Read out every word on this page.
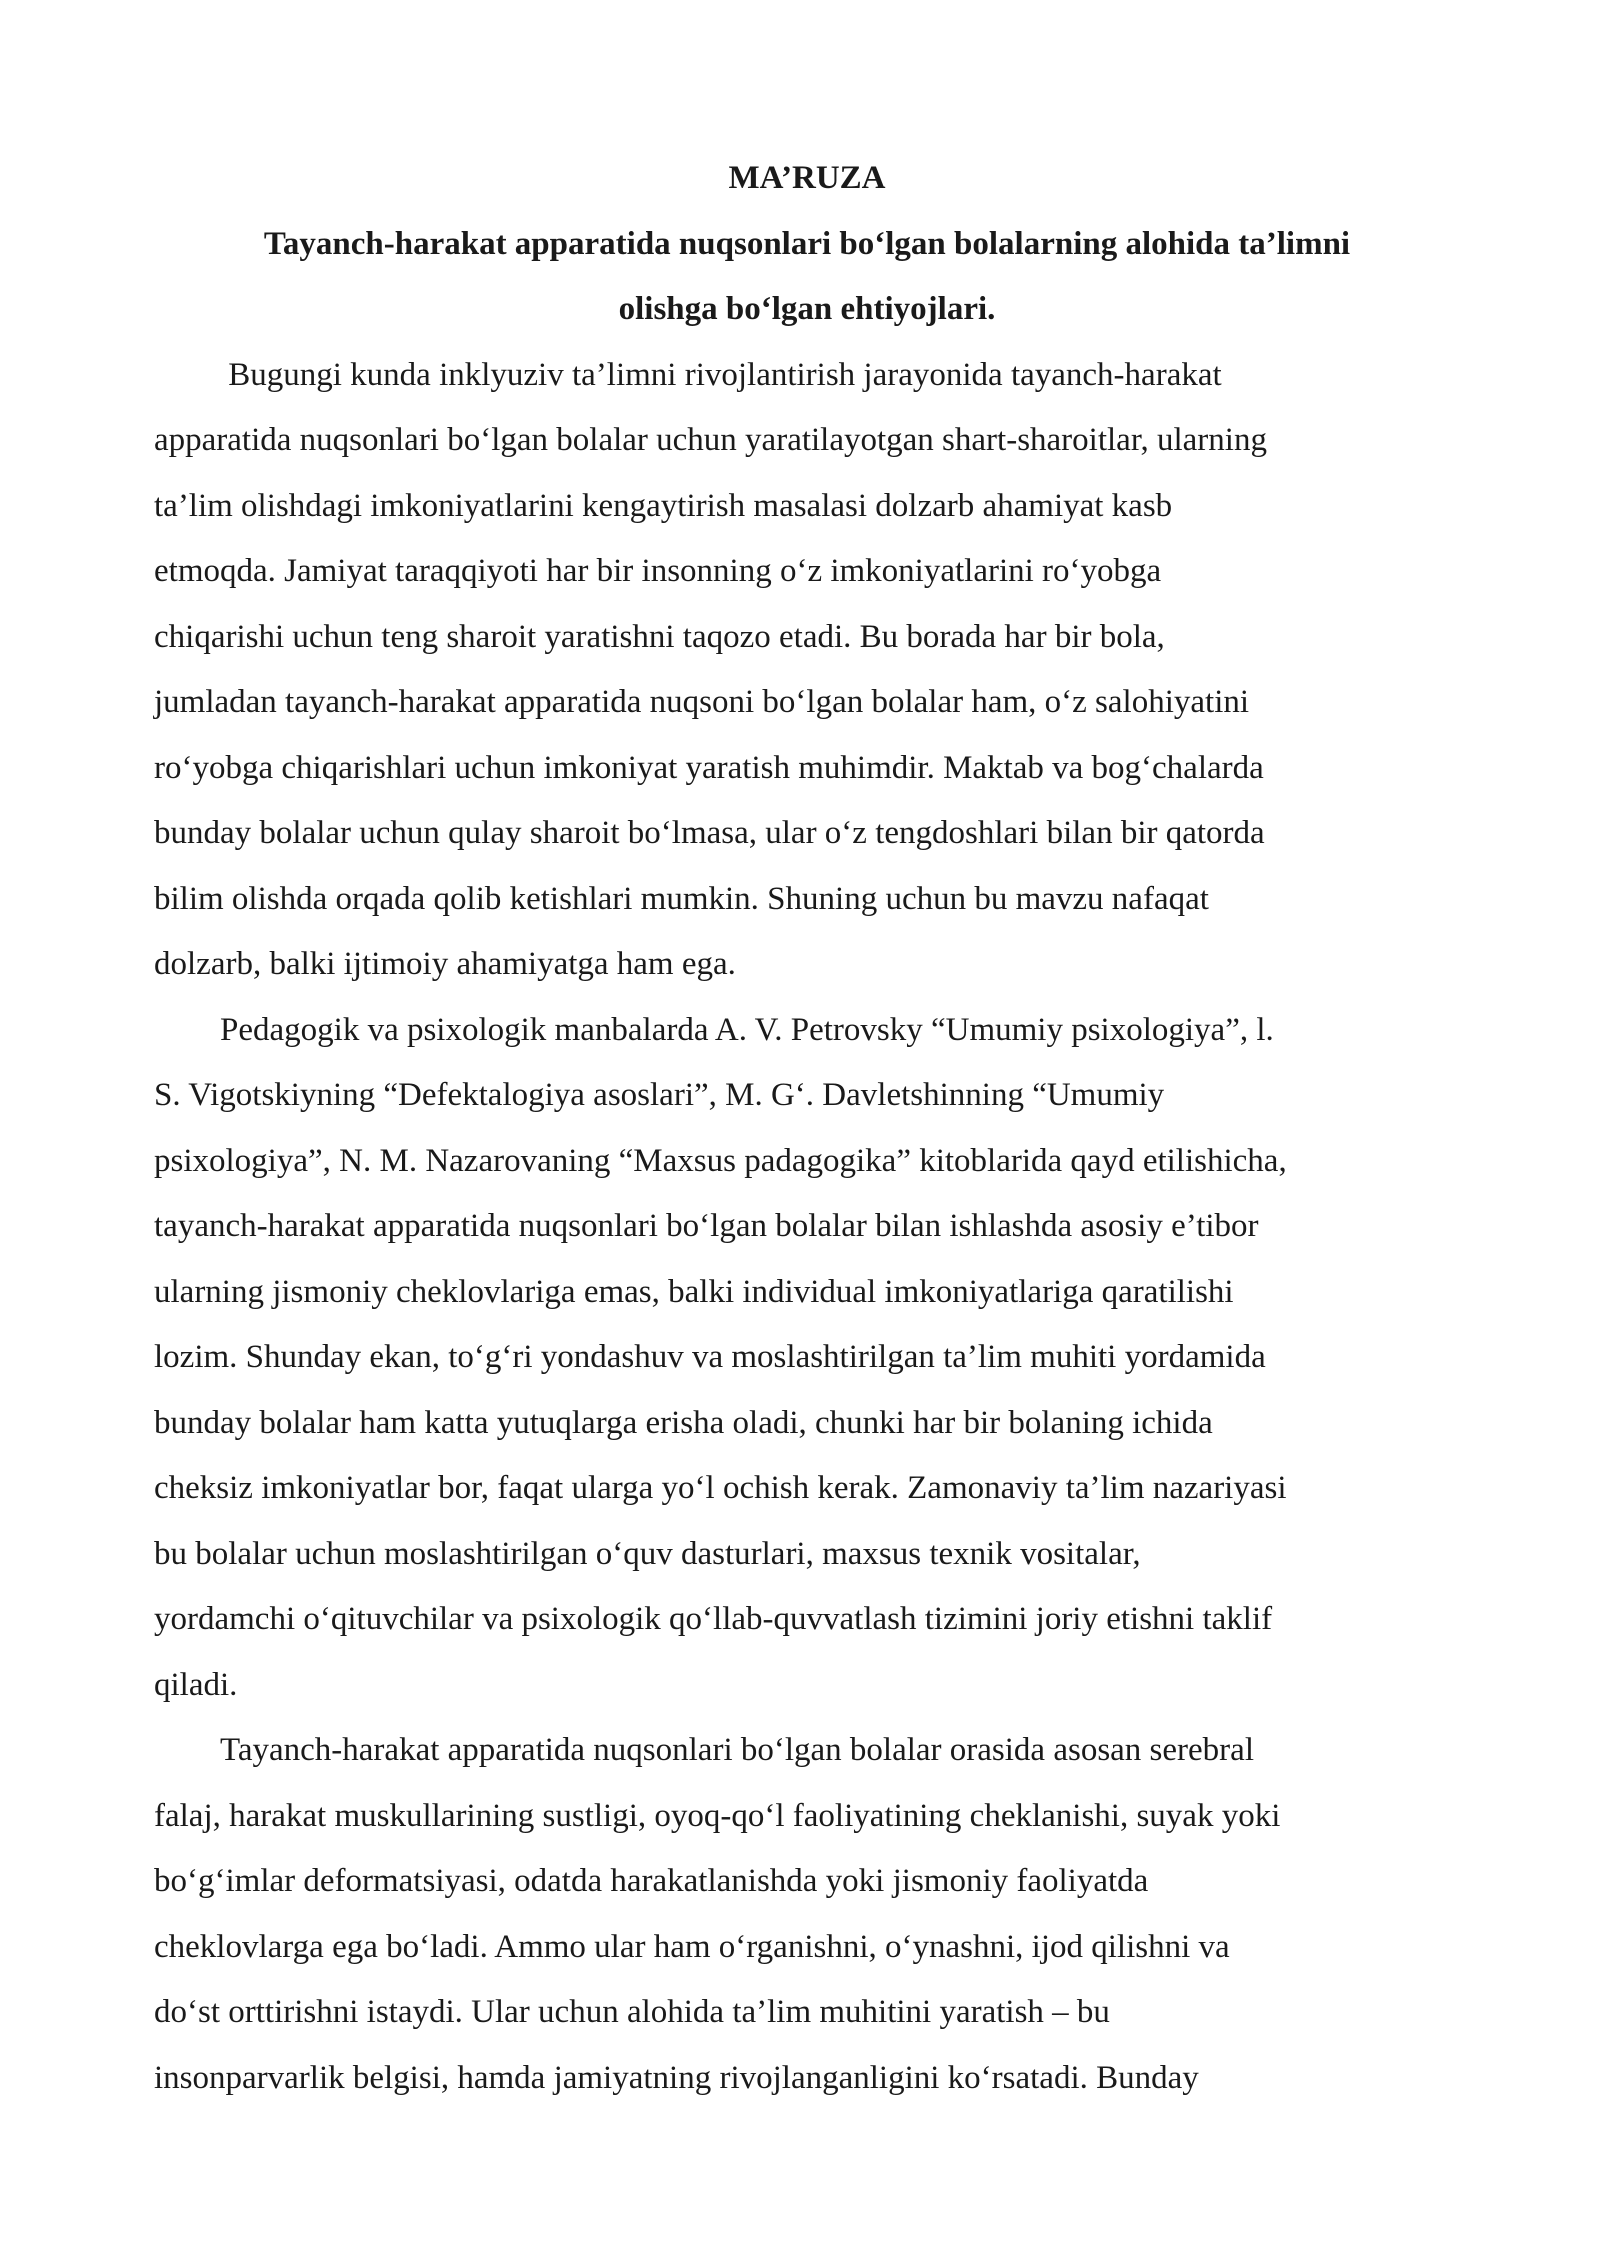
MA’RUZA
Tayanch-harakat apparatida nuqsonlari bo‘lgan bolalarning alohida ta’limni
olishga bo‘lgan ehtiyojlari.
Bugungi kunda inklyuziv ta’limni rivojlantirish jarayonida tayanch-harakat
apparatida nuqsonlari bo‘lgan bolalar uchun yaratilayotgan shart-sharoitlar, ularning
ta’lim olishdagi imkoniyatlarini kengaytirish masalasi dolzarb ahamiyat kasb
etmoqda. Jamiyat taraqqiyoti har bir insonning o‘z imkoniyatlarini ro‘yobga
chiqarishi uchun teng sharoit yaratishni taqozo etadi. Bu borada har bir bola,
jumladan tayanch-harakat apparatida nuqsoni bo‘lgan bolalar ham, o‘z salohiyatini
ro‘yobga chiqarishlari uchun imkoniyat yaratish muhimdir. Maktab va bog‘chalarda
bunday bolalar uchun qulay sharoit bo‘lmasa, ular o‘z tengdoshlari bilan bir qatorda
bilim olishda orqada qolib ketishlari mumkin. Shuning uchun bu mavzu nafaqat
dolzarb, balki ijtimoiy ahamiyatga ham ega.
Pedagogik va psixologik manbalarda A. V. Petrovsky “Umumiy psixologiya”, l.
S. Vigotskiyning “Defektalogiya asoslari”, M. G‘. Davletshinning “Umumiy
psixologiya”, N. M. Nazarovaning “Maxsus padagogika” kitoblarida qayd etilishicha,
tayanch-harakat apparatida nuqsonlari bo‘lgan bolalar bilan ishlashda asosiy e’tibor
ularning jismoniy cheklovlariga emas, balki individual imkoniyatlariga qaratilishi
lozim. Shunday ekan, to‘g‘ri yondashuv va moslashtirilgan ta’lim muhiti yordamida
bunday bolalar ham katta yutuqlarga erisha oladi, chunki har bir bolaning ichida
cheksiz imkoniyatlar bor, faqat ularga yo‘l ochish kerak. Zamonaviy ta’lim nazariyasi
bu bolalar uchun moslashtirilgan o‘quv dasturlari, maxsus texnik vositalar,
yordamchi o‘qituvchilar va psixologik qo‘llab-quvvatlash tizimini joriy etishni taklif
qiladi.
Tayanch-harakat apparatida nuqsonlari bo‘lgan bolalar orasida asosan serebral
falaj, harakat muskullarining sustligi, oyoq-qo‘l faoliyatining cheklanishi, suyak yoki
bo‘g‘imlar deformatsiyasi, odatda harakatlanishda yoki jismoniy faoliyatda
cheklovlarga ega bo‘ladi. Ammo ular ham o‘rganishni, o‘ynashni, ijod qilishni va
do‘st orttirishni istaydi. Ular uchun alohida ta’lim muhitini yaratish – bu
insonparvarlik belgisi, hamda jamiyatning rivojlanganligini ko‘rsatadi. Bunday
